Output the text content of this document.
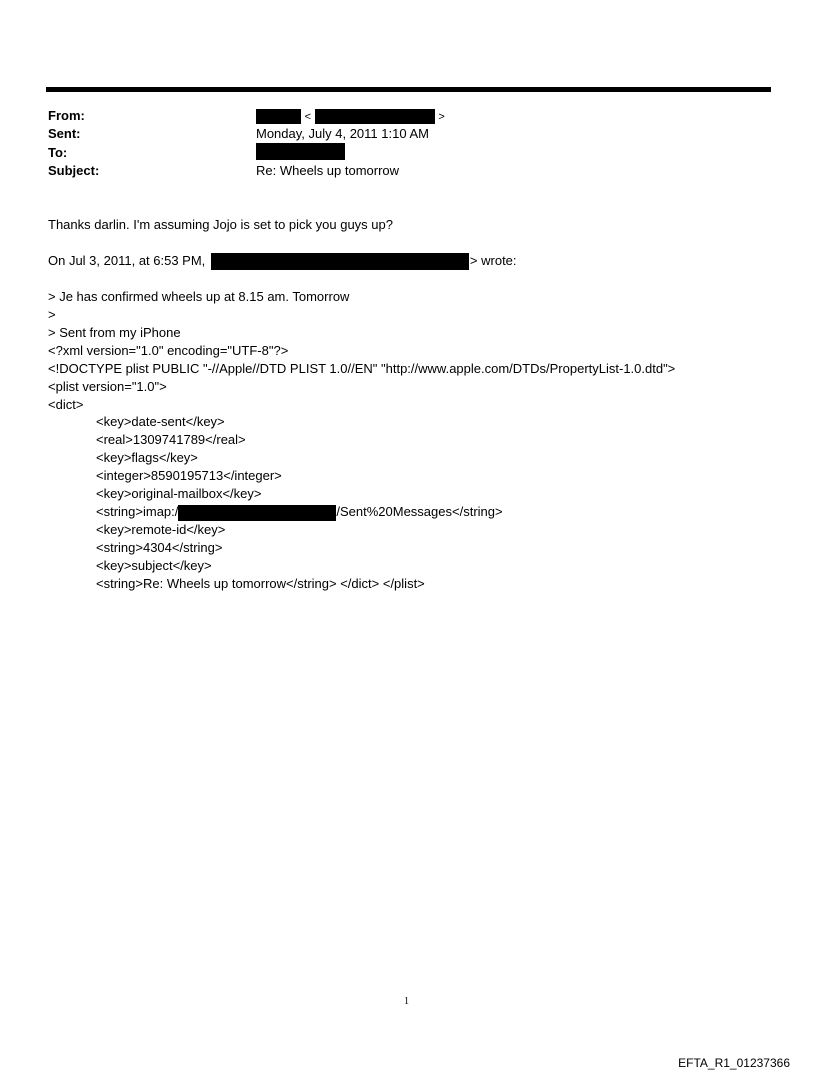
From:	<	>
Sent:	Monday, July 4, 2011 1:10 AM
To:
Subject:	Re: Wheels up tomorrow
Thanks darlin. I'm assuming Jojo is set to pick you guys up?
On Jul 3, 2011, at 6:53 PM,	> wrote:
> Je has confirmed wheels up at 8.15 am. Tomorrow
>
> Sent from my iPhone
<?xml version="1.0" encoding="UTF-8"?>
<!DOCTYPE plist PUBLIC "-//Apple//DTD PLIST 1.0//EN" "http://www.apple.com/DTDs/PropertyList-1.0.dtd">
<plist version="1.0">
<dict>
<key>date-sent</key>
<real>1309741789</real>
<key>flags</key>
<integer>8590195713</integer>
<key>original-mailbox</key>
<string>imap:/	/Sent%20Messages</string>
<key>remote-id</key>
<string>4304</string>
<key>subject</key>
<string>Re: Wheels up tomorrow</string> </dict> </plist>
1
EFTA_R1_01237366
